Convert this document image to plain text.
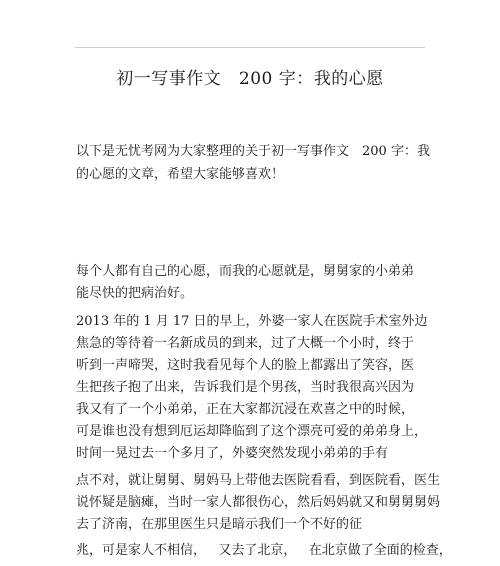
初一写事作文   200 字：我的心愿
以下是无忧考网为大家整理的关于初一写事作文 200 字：我
的心愿的文章，希望大家能够喜欢！
每个人都有自己的心愿，而我的心愿就是，舅舅家的小弟弟
能尽快的把病治好。
2013 年的 1 月 17 日的早上，外婆一家人在医院手术室外边
焦急的等待着一名新成员的到来，过了大概一个小时，终于
听到一声啼哭，这时我看见每个人的脸上都露出了笑容，医
生把孩子抱了出来，告诉我们是个男孩，当时我很高兴因为
我又有了一个小弟弟，正在大家都沉浸在欢喜之中的时候，
可是谁也没有想到厄运却降临到了这个漂亮可爱的弟弟身上，
时间一晃过去一个多月了，外婆突然发现小弟弟的手有
点不对，就让舅舅、舅妈马上带他去医院看看，到医院看，医生
说怀疑是脑瘫，当时一家人都很伤心，然后妈妈就又和舅舅舅妈
去了济南，在那里医生只是暗示我们一个不好的征
兆，可是家人不相信，   又去了北京，   在北京做了全面的检查，
